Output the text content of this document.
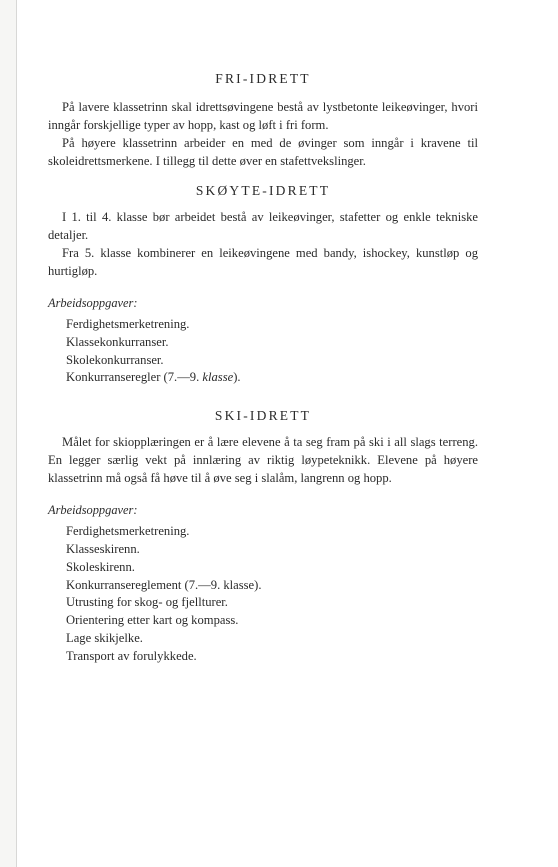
FRI-IDRETT

På lavere klassetrinn skal idrettsøvingene bestå av lystbetonte leikeøvinger, hvori inngår forskjellige typer av hopp, kast og løft i fri form.

På høyere klassetrinn arbeider en med de øvinger som inngår i kravene til skoleidrettsmerkene. I tillegg til dette øver en stafettvekslinger.

SKØYTE-IDRETT

I 1. til 4. klasse bør arbeidet bestå av leikeøvinger, stafetter og enkle tekniske detaljer.

Fra 5. klasse kombinerer en leikeøvingene med bandy, ishockey, kunstløp og hurtigløp.

Arbeidsoppgaver:

Ferdighetsmerketrening.
Klassekonkurranser.
Skolekonkurranser.
Konkurranseregler (7.—9. klasse).
SKI-IDRETT

Målet for skiopplæringen er å lære elevene å ta seg fram på ski i all slags terreng. En legger særlig vekt på innlæring av riktig løypeteknikk. Elevene på høyere klassetrinn må også få høve til å øve seg i slalåm, langrenn og hopp.

Arbeidsoppgaver:

Ferdighetsmerketrening.
Klasseskirenn.
Skoleskirenn.
Konkurransereglement (7.—9. klasse).
Utrusting for skog- og fjellturer.
Orientering etter kart og kompass.
Lage skikjelke.
Transport av forulykkede.
